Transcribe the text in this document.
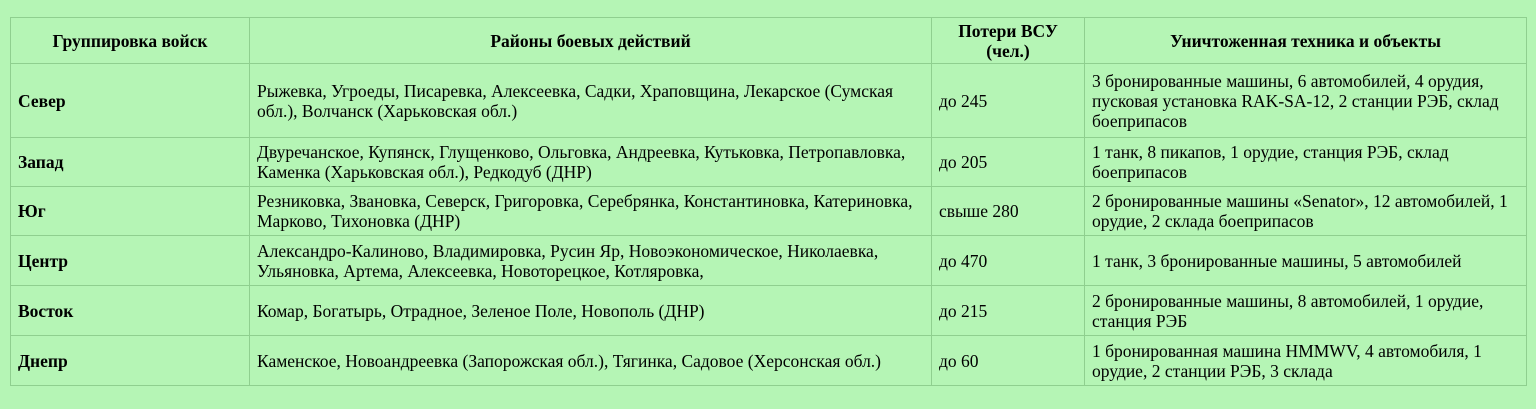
Группировка войск	Районы боевых действий	Потери ВСУ (чел.)	Уничтоженная техника и объекты
Север	Рыжевка, Угроеды, Писаревка, Алексеевка, Садки, Храповщина, Лекарское (Сумская обл.), Волчанск (Харьковская обл.)	до 245	3 бронированные машины, 6 автомобилей, 4 орудия, пусковая установка RAK-SA-12, 2 станции РЭБ, склад боеприпасов
Запад	Двуречанское, Купянск, Глущенково, Ольговка, Андреевка, Кутьковка, Петропавловка, Каменка (Харьковская обл.), Редкодуб (ДНР)	до 205	1 танк, 8 пикапов, 1 орудие, станция РЭБ, склад боеприпасов
Юг	Резниковка, Звановка, Северск, Григоровка, Серебрянка, Константиновка, Катериновка, Марково, Тихоновка (ДНР)	свыше 280	2 бронированные машины «Senator», 12 автомобилей, 1 орудие, 2 склада боеприпасов
Центр	Александро-Калиново, Владимировка, Русин Яр, Новоэкономическое, Николаевка, Ульяновка, Артема, Алексеевка, Новоторецкое, Котляровка,	до 470	1 танк, 3 бронированные машины, 5 автомобилей
Восток	Комар, Богатырь, Отрадное, Зеленое Поле, Новополь (ДНР)	до 215	2 бронированные машины, 8 автомобилей, 1 орудие, станция РЭБ
Днепр	Каменское, Новоандреевка (Запорожская обл.), Тягинка, Садовое (Херсонская обл.)	до 60	1 бронированная машина HMMWV, 4 автомобиля, 1 орудие, 2 станции РЭБ, 3 склада
